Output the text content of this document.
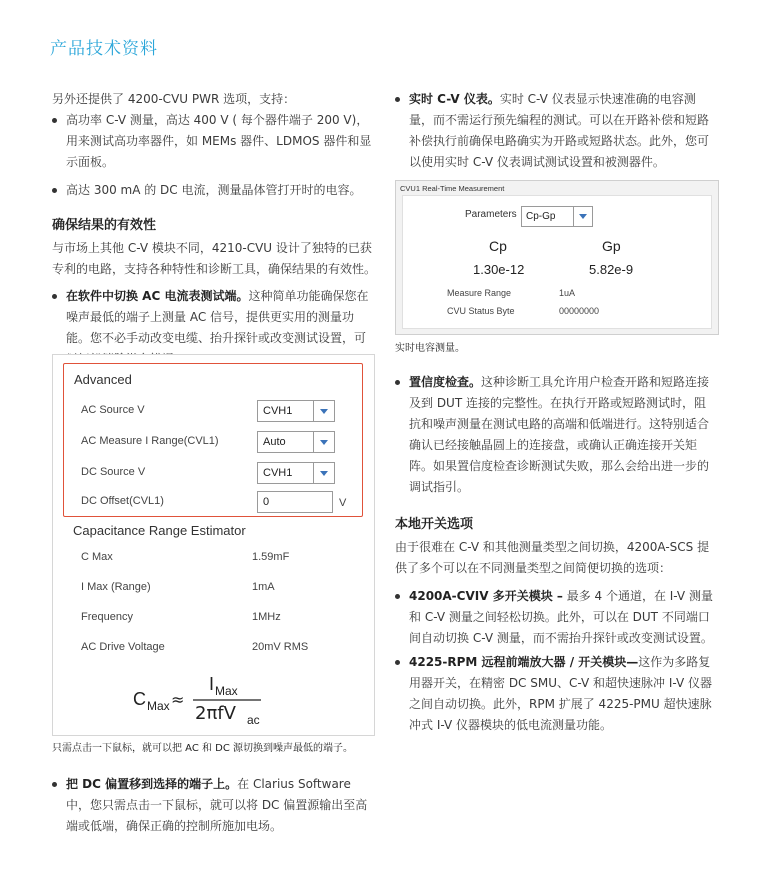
产品技术资料

另外还提供了 4200-CVU PWR 选项，支持：

高功率 C-V 测量，高达 400 V ( 每个器件端子 200 V)，用来测试高功率器件，如 MEMs 器件、LDMOS 器件和显示面板。

高达 300 mA 的 DC 电流，测量晶体管打开时的电容。

确保结果的有效性

与市场上其他 C-V 模块不同，4210-CVU 设计了独特的已获专利的电路，支持各种特性和诊断工具，确保结果的有效性。

在软件中切换 AC 电流表测试端。这种简单功能确保您在噪声最低的端子上测量 AC 信号，提供更实用的测量功能。您不必手动改变电缆、抬升探针或改变测试设置，可

Advanced
AC Source V	CVH1
AC Measure I Range(CVL1)	Auto
DC Source V	CVH1
DC Offset(CVL1)	0	V
Capacitance Range Estimator
C Max	1.59mF
I Max (Range)	1mA
Frequency	1MHz
AC Drive Voltage	20mV RMS
C Max ≈
I Max
2πfV ac
只需点击一下鼠标，就可以把 AC 和 DC 源切换到噪声最低的端子。

把 DC 偏置移到选择的端子上。在 Clarius Software 中，您只需点击一下鼠标，就可以将 DC 偏置源输出至高端或低端，确保正确的控制所施加电场。

实时 C-V 仪表。实时 C-V 仪表显示快速准确的电容测量，而不需运行预先编程的测试。可以在开路补偿和短路补偿执行前确保电路确实为开路或短路状态。此外，您可以使用实时 C-V 仪表调试测试设置和被测器件。

CVU1 Real-Time Measurement
Parameters Cp-Gp
Cp	Gp
1.30e-12	5.82e-9
Measure Range	1uA
CVU Status Byte	00000000
实时电容测量。

置信度检查。这种诊断工具允许用户检查开路和短路连接及到 DUT 连接的完整性。在执行开路或短路测试时，阻抗和噪声测量在测试电路的高端和低端进行。这特别适合确认已经接触晶圆上的连接盘，或确认正确连接开关矩阵。如果置信度检查诊断测试失败，那么会给出进一步的调试指引。

本地开关选项

由于很难在 C-V 和其他测量类型之间切换，4200A-SCS 提供了多个可以在不同测量类型之间简便切换的选项：

4200A-CVIV 多开关模块 – 最多 4 个通道，在 I-V 测量和 C-V 测量之间轻松切换。此外，可以在 DUT 不同端口间自动切换 C-V 测量，而不需抬升探针或改变测试设置。

4225-RPM 远程前端放大器 / 开关模块—这作为多路复用器开关，在精密 DC SMU、C-V 和超快速脉冲 I-V 仪器之间自动切换。此外，RPM 扩展了 4225-PMU 超快速脉冲式 I-V 仪器模块的低电流测量功能。
